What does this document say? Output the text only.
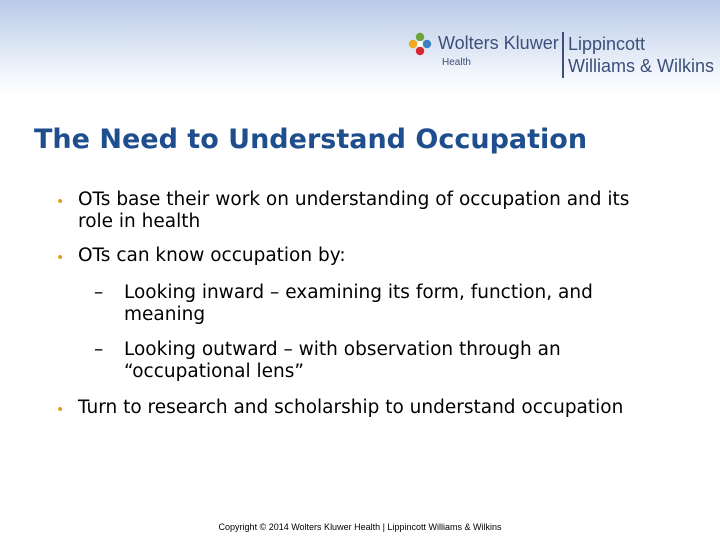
Wolters Kluwer
Health
Lippincott
Williams & Wilkins
The Need to Understand Occupation
• OTs base their work on understanding of occupation and its role in health
• OTs can know occupation by:
–	Looking inward – examining its form, function, and meaning
–	Looking outward – with observation through an “occupational lens”
• Turn to research and scholarship to understand occupation
Copyright © 2014 Wolters Kluwer Health | Lippincott Williams & Wilkins
